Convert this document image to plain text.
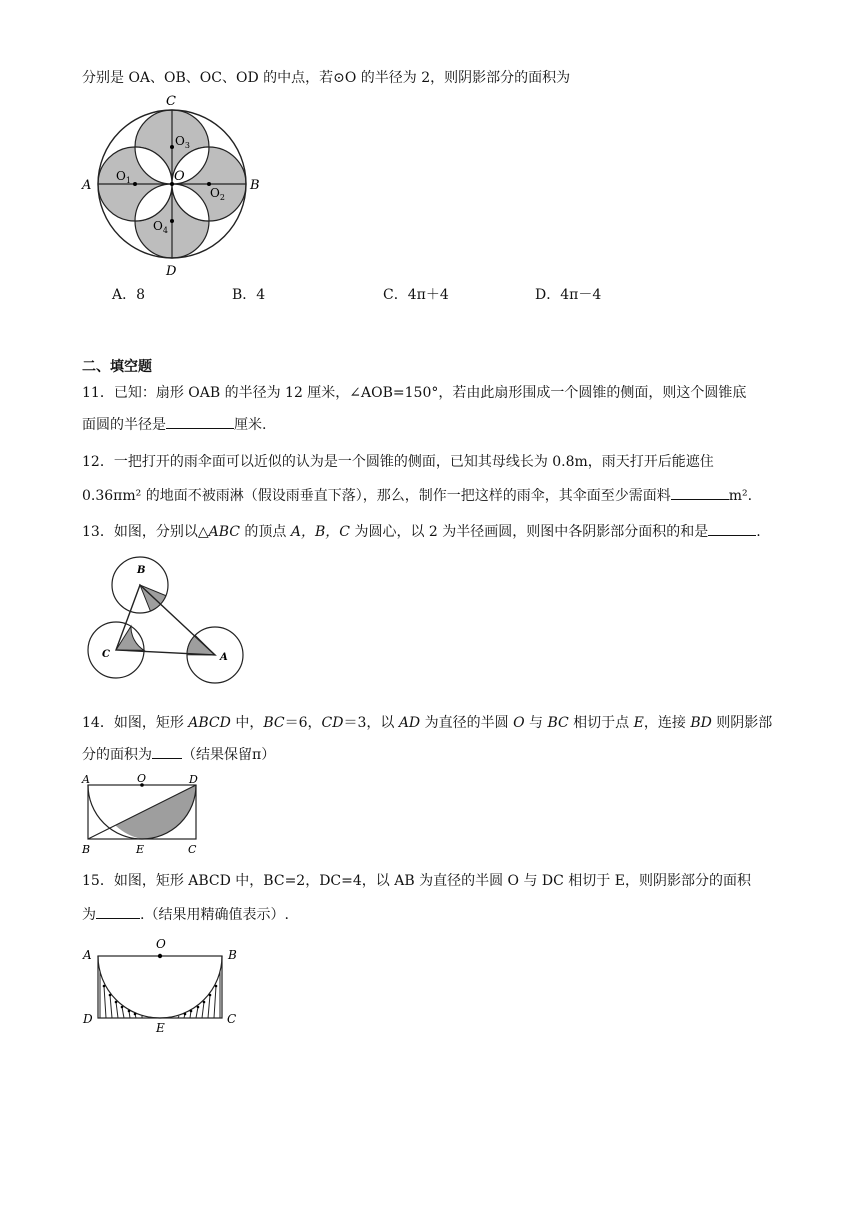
分别是 OA、OB、OC、OD 的中点，若⊙O 的半径为 2，则阴影部分的面积为
C
D
A	B
O
$O_1$
$O_2$
$O_3$
$O_4$
A．8	B．4	C．4π＋4	D．4π－4
二、填空题
11．已知：扇形 OAB 的半径为 12 厘米，∠AOB=150°，若由此扇形围成一个圆锥的侧面，则这个圆锥底
面圆的半径是	厘米.
12．一把打开的雨伞面可以近似的认为是一个圆锥的侧面，已知其母线长为 0.8m，雨天打开后能遮住
0.36πm² 的地面不被雨淋（假设雨垂直下落），那么，制作一把这样的雨伞，其伞面至少需面料	m².
13．如图，分别以△ABC 的顶点 A，B，C 为圆心，以 2 为半径画圆，则图中各阴影部分面积的和是	.
B
C	A
14．如图，矩形 ABCD 中，BC＝6，CD＝3，以 AD 为直径的半圆 O 与 BC 相切于点 E，连接 BD 则阴影部
分的面积为 （结果保留π）
A	O	D
B	E	C
15．如图，矩形 ABCD 中，BC=2，DC=4，以 AB 为直径的半圆 O 与 DC 相切于 E，则阴影部分的面积
为	.（结果用精确值表示）.
A
O
B
D
E
C
